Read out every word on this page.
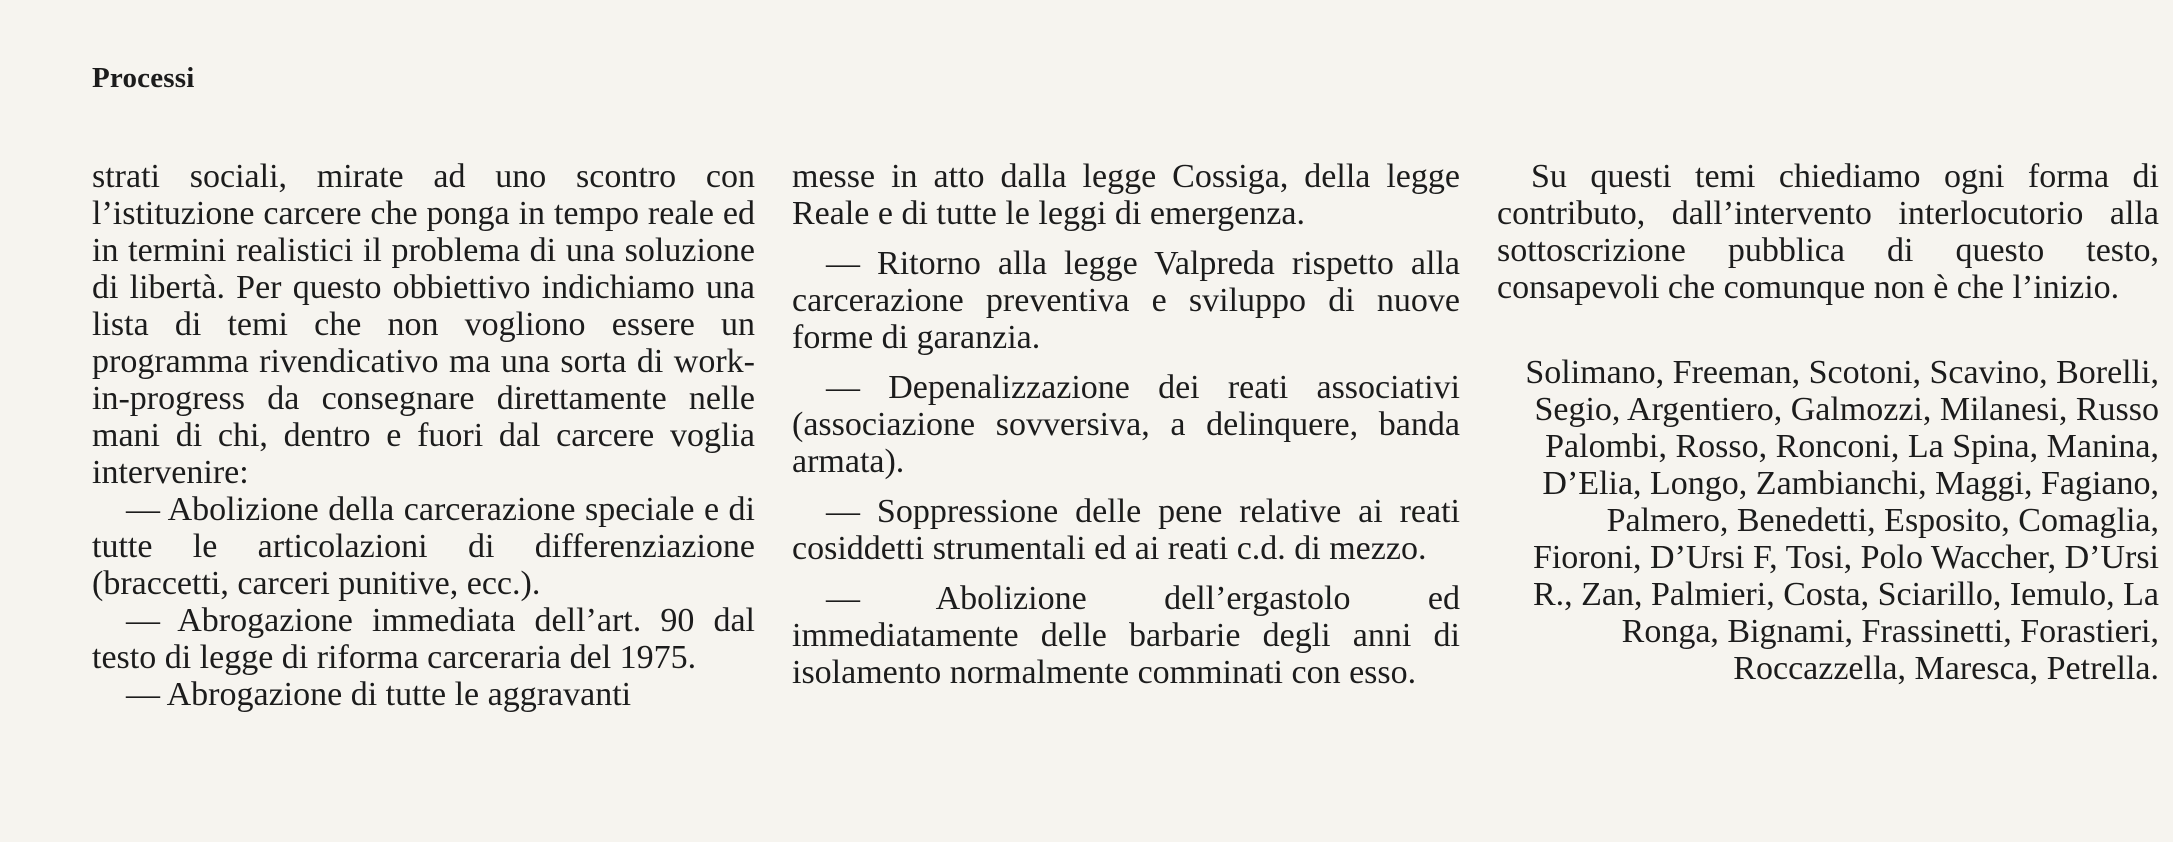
Processi

strati sociali, mirate ad uno scontro con l’istituzione carcere che ponga in tempo reale ed in termini realistici il problema di una soluzione di libertà. Per questo obbiettivo indichiamo una lista di temi che non vogliono essere un programma rivendicativo ma una sorta di work-in-progress da consegnare direttamente nelle mani di chi, dentro e fuori dal carcere voglia intervenire:

— Abolizione della carcerazione speciale e di tutte le articolazioni di differenziazione (braccetti, carceri punitive, ecc.).

— Abrogazione immediata dell’art. 90 dal testo di legge di riforma carceraria del 1975.

— Abrogazione di tutte le aggravanti

messe in atto dalla legge Cossiga, della legge Reale e di tutte le leggi di emergenza.

— Ritorno alla legge Valpreda rispetto alla carcerazione preventiva e sviluppo di nuove forme di garanzia.

— Depenalizzazione dei reati associativi (associazione sovversiva, a delinquere, banda armata).

— Soppressione delle pene relative ai reati cosiddetti strumentali ed ai reati c.d. di mezzo.

— Abolizione dell’ergastolo ed immediatamente delle barbarie degli anni di isolamento normalmente comminati con esso.

Su questi temi chiediamo ogni forma di contributo, dall’intervento interlocutorio alla sottoscrizione pubblica di questo testo, consapevoli che comunque non è che l’inizio.

Solimano, Freeman, Scotoni, Scavino, Borelli, Segio, Argentiero, Galmozzi, Milanesi, Russo Palombi, Rosso, Ronconi, La Spina, Manina, D’Elia, Longo, Zambianchi, Maggi, Fagiano, Palmero, Benedetti, Esposito, Comaglia, Fioroni, D’Ursi F, Tosi, Polo Waccher, D’Ursi R., Zan, Palmieri, Costa, Sciarillo, Iemulo, La Ronga, Bignami, Frassinetti, Forastieri, Roccazzella, Maresca, Petrella.
